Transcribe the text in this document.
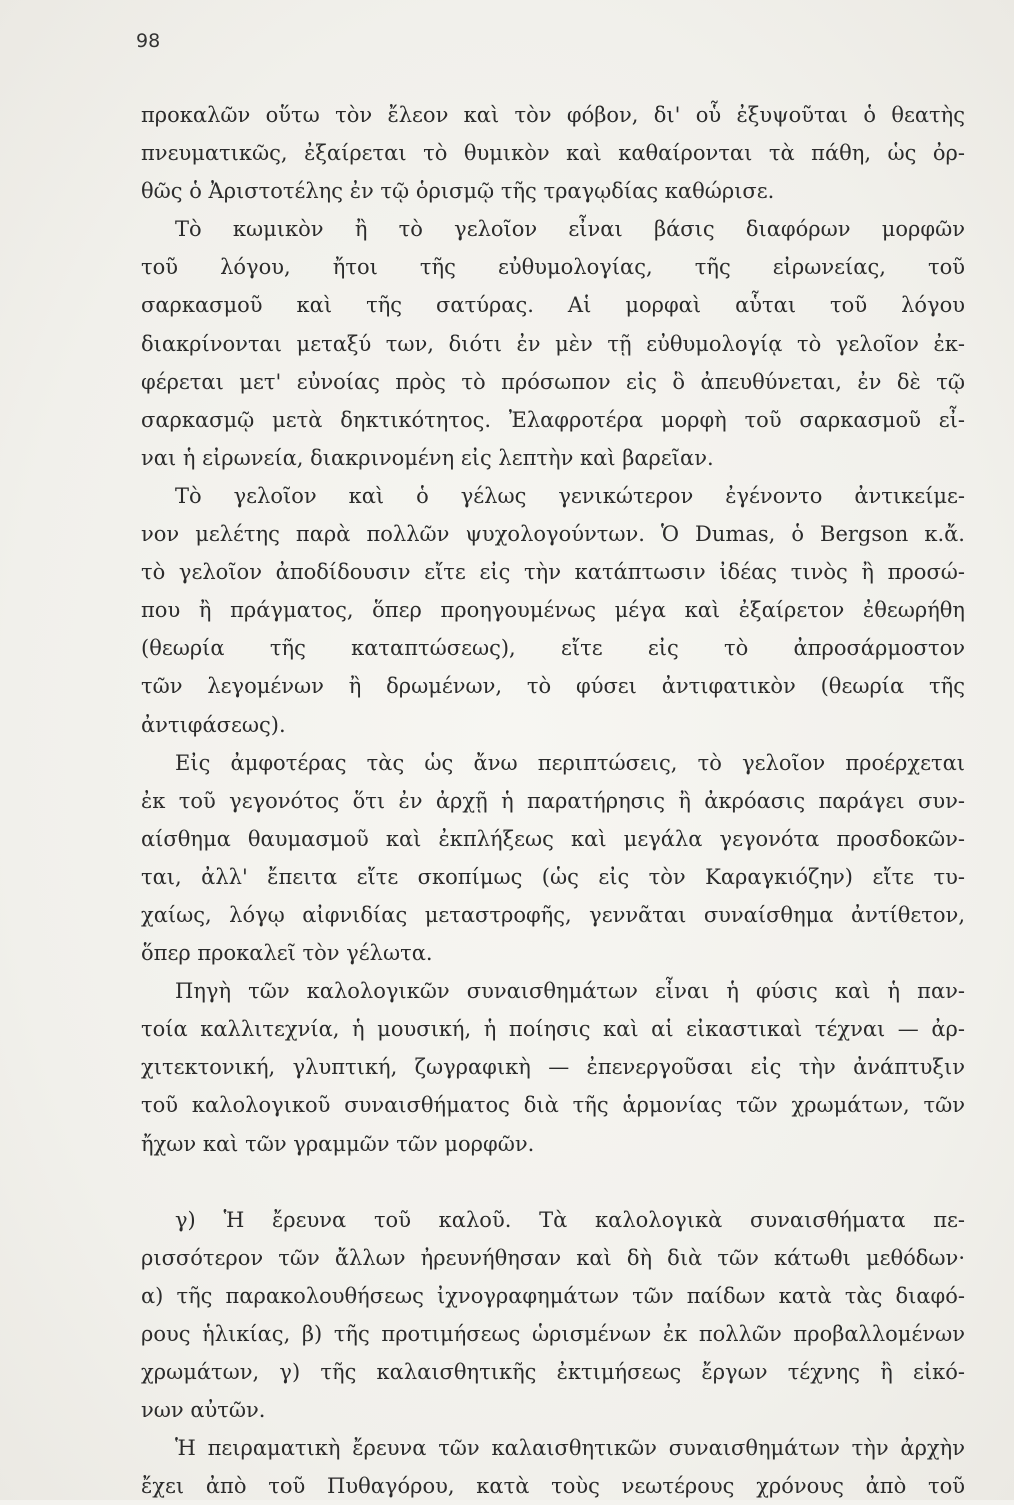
98
προκαλῶν οὕτω τὸν ἔλεον καὶ τὸν φόβον, δι' οὗ ἐξυψοῦται ὁ θεατὴς
πνευματικῶς, ἐξαίρεται τὸ θυμικὸν καὶ καθαίρονται τὰ πάθη, ὡς ὀρ-
θῶς ὁ Ἀριστοτέλης ἐν τῷ ὁρισμῷ τῆς τραγῳδίας καθώρισε.
Τὸ κωμικὸν ἢ τὸ γελοῖον εἶναι βάσις διαφόρων μορφῶν
τοῦ λόγου, ἤτοι τῆς εὐθυμολογίας, τῆς εἰρωνείας, τοῦ
σαρκασμοῦ καὶ τῆς σατύρας. Αἱ μορφαὶ αὗται τοῦ λόγου
διακρίνονται μεταξύ των, διότι ἐν μὲν τῇ εὐθυμολογίᾳ τὸ γελοῖον ἐκ-
φέρεται μετ' εὐνοίας πρὸς τὸ πρόσωπον εἰς ὃ ἀπευθύνεται, ἐν δὲ τῷ
σαρκασμῷ μετὰ δηκτικότητος. Ἐλαφροτέρα μορφὴ τοῦ σαρκασμοῦ εἶ-
ναι ἡ εἰρωνεία, διακρινομένη εἰς λεπτὴν καὶ βαρεῖαν.
Τὸ γελοῖον καὶ ὁ γέλως γενικώτερον ἐγένοντο ἀντικείμε-
νον μελέτης παρὰ πολλῶν ψυχολογούντων. Ὁ Dumas, ὁ Bergson κ.ἄ.
τὸ γελοῖον ἀποδίδουσιν εἴτε εἰς τὴν κατάπτωσιν ἰδέας τινὸς ἢ προσώ-
που ἢ πράγματος, ὅπερ προηγουμένως μέγα καὶ ἐξαίρετον ἐθεωρήθη
(θεωρία τῆς καταπτώσεως), εἴτε εἰς τὸ ἀπροσάρμοστον
τῶν λεγομένων ἢ δρωμένων, τὸ φύσει ἀντιφατικὸν (θεωρία τῆς
ἀντιφάσεως).
Εἰς ἀμφοτέρας τὰς ὡς ἄνω περιπτώσεις, τὸ γελοῖον προέρχεται
ἐκ τοῦ γεγονότος ὅτι ἐν ἀρχῇ ἡ παρατήρησις ἢ ἀκρόασις παράγει συν-
αίσθημα θαυμασμοῦ καὶ ἐκπλήξεως καὶ μεγάλα γεγονότα προσδοκῶν-
ται, ἀλλ' ἔπειτα εἴτε σκοπίμως (ὡς εἰς τὸν Καραγκιόζην) εἴτε τυ-
χαίως, λόγῳ αἰφνιδίας μεταστροφῆς, γεννᾶται συναίσθημα ἀντίθετον,
ὅπερ προκαλεῖ τὸν γέλωτα.
Πηγὴ τῶν καλολογικῶν συναισθημάτων εἶναι ἡ φύσις καὶ ἡ παν-
τοία καλλιτεχνία, ἡ μουσική, ἡ ποίησις καὶ αἱ εἰκαστικαὶ τέχναι — ἀρ-
χιτεκτονική, γλυπτική, ζωγραφικὴ — ἐπενεργοῦσαι εἰς τὴν ἀνάπτυξιν
τοῦ καλολογικοῦ συναισθήματος διὰ τῆς ἁρμονίας τῶν χρωμάτων, τῶν
ἤχων καὶ τῶν γραμμῶν τῶν μορφῶν.
γ) Ἡ ἔρευνα τοῦ καλοῦ. Τὰ καλολογικὰ συναισθήματα πε-
ρισσότερον τῶν ἄλλων ἠρευνήθησαν καὶ δὴ διὰ τῶν κάτωθι μεθόδων·
α) τῆς παρακολουθήσεως ἰχνογραφημάτων τῶν παίδων κατὰ τὰς διαφό-
ρους ἡλικίας, β) τῆς προτιμήσεως ὡρισμένων ἐκ πολλῶν προβαλλομένων
χρωμάτων, γ) τῆς καλαισθητικῆς ἐκτιμήσεως ἔργων τέχνης ἢ εἰκό-
νων αὐτῶν.
Ἡ πειραματικὴ ἔρευνα τῶν καλαισθητικῶν συναισθημάτων τὴν ἀρχὴν
ἔχει ἀπὸ τοῦ Πυθαγόρου, κατὰ τοὺς νεωτέρους χρόνους ἀπὸ τοῦ
